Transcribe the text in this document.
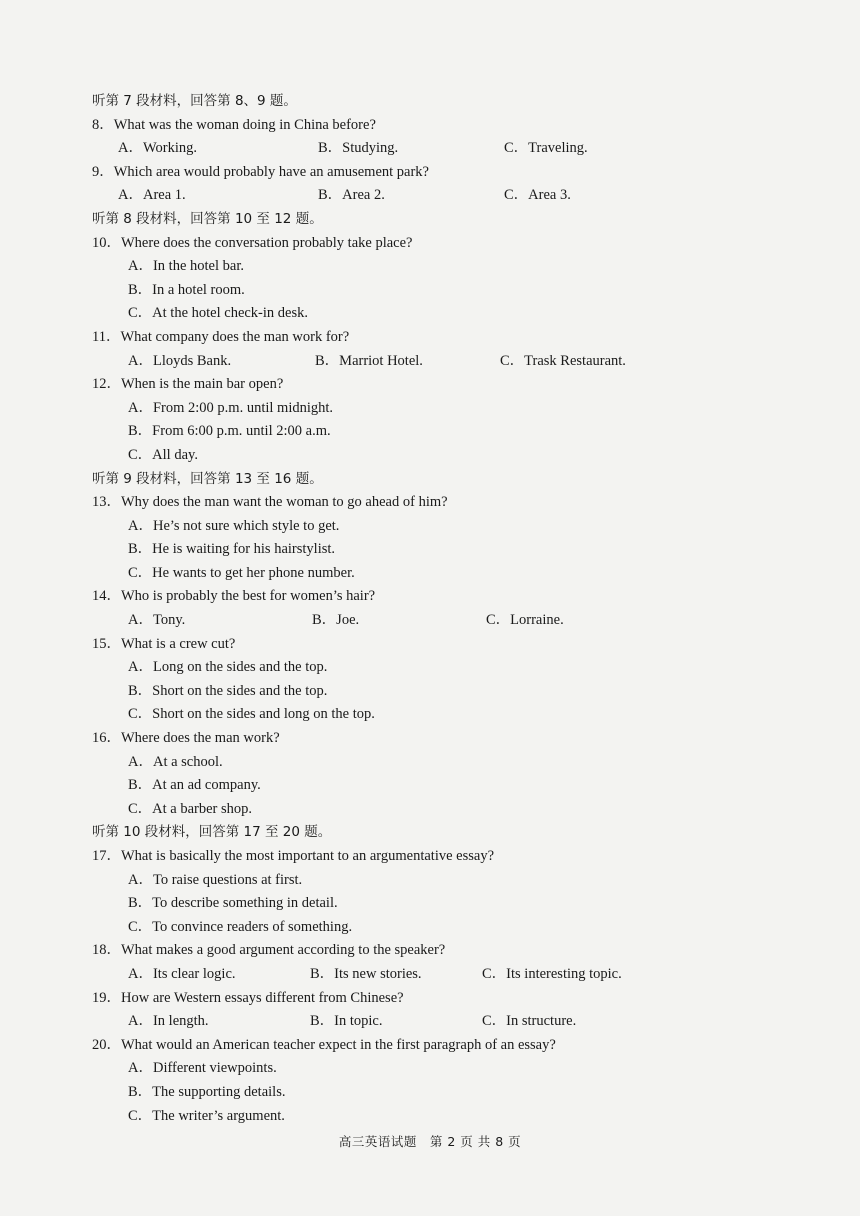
听第 7 段材料，回答第 8、9 题。
8．What was the woman doing in China before?
A．Working.	B．Studying.	C．Traveling.
9．Which area would probably have an amusement park?
A．Area 1.	B．Area 2.	C．Area 3.
听第 8 段材料，回答第 10 至 12 题。
10．Where does the conversation probably take place?
A．In the hotel bar.
B．In a hotel room.
C．At the hotel check-in desk.
11．What company does the man work for?
A．Lloyds Bank.	B．Marriot Hotel.	C．Trask Restaurant.
12．When is the main bar open?
A．From 2:00 p.m. until midnight.
B．From 6:00 p.m. until 2:00 a.m.
C．All day.
听第 9 段材料，回答第 13 至 16 题。
13．Why does the man want the woman to go ahead of him?
A．He’s not sure which style to get.
B．He is waiting for his hairstylist.
C．He wants to get her phone number.
14．Who is probably the best for women’s hair?
A．Tony.	B．Joe.	C．Lorraine.
15．What is a crew cut?
A．Long on the sides and the top.
B．Short on the sides and the top.
C．Short on the sides and long on the top.
16．Where does the man work?
A．At a school.
B．At an ad company.
C．At a barber shop.
听第 10 段材料，回答第 17 至 20 题。
17．What is basically the most important to an argumentative essay?
A．To raise questions at first.
B．To describe something in detail.
C．To convince readers of something.
18．What makes a good argument according to the speaker?
A．Its clear logic.	B．Its new stories.	C．Its interesting topic.
19．How are Western essays different from Chinese?
A．In length.	B．In topic.	C．In structure.
20．What would an American teacher expect in the first paragraph of an essay?
A．Different viewpoints.
B．The supporting details.
C．The writer’s argument.
高三英语试题　第 2 页 共 8 页
